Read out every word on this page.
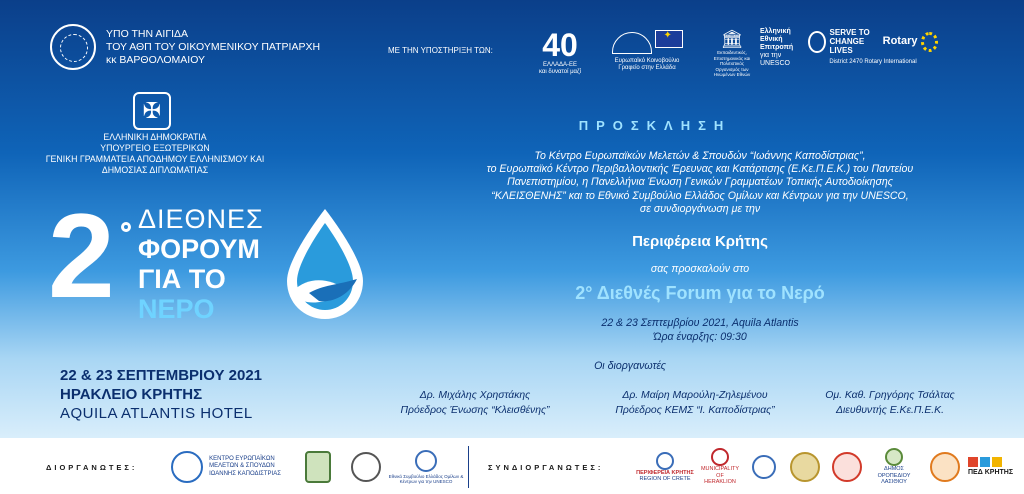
ΥΠΟ ΤΗΝ ΑΙΓΙΔΑ
ΤΟΥ ΑΘΠ ΤΟΥ ΟΙΚΟΥΜΕΝΙΚΟΥ ΠΑΤΡΙΑΡΧΗ
κκ ΒΑΡΘΟΛΟΜΑΙΟΥ
✠
ΕΛΛΗΝΙΚΗ ΔΗΜΟΚΡΑΤΙΑ
ΥΠΟΥΡΓΕΙΟ ΕΞΩΤΕΡΙΚΩΝ
ΓΕΝΙΚΗ ΓΡΑΜΜΑΤΕΙΑ ΑΠΟΔΗΜΟΥ ΕΛΛΗΝΙΣΜΟΥ ΚΑΙ
ΔΗΜΟΣΙΑΣ ΔΙΠΛΩΜΑΤΙΑΣ
2 ΔΙΕΘΝΕΣ
ΦΟΡΟΥΜ
ΓΙΑ ΤΟ
ΝΕΡΟ
22 & 23 ΣΕΠΤΕΜΒΡΙΟΥ 2021
ΗΡΑΚΛΕΙΟ ΚΡΗΤΗΣ
AQUILA ATLANTIS HOTEL
ΜΕ ΤΗΝ ΥΠΟΣΤΗΡΙΞΗ ΤΩΝ: 40
ΕΛΛΑΔΑ-ΕΕ
και δυνατοί μαζί
✦
Ευρωπαϊκό Κοινοβούλιο
Γραφείο στην Ελλάδα
🏛
Εκπαιδευτικός, Επιστημονικός και Πολιτιστικός Οργανισμός των Ηνωμένων Εθνών
Ελληνική Εθνική Επιτροπή
για την UNESCO
SERVE TO
CHANGE LIVES
Rotary
District 2470 Rotary International
ΠΡΟΣΚΛΗΣΗ
Το Κέντρο Ευρωπαϊκών Μελετών & Σπουδών “Ιωάννης Καποδίστριας”,
το Ευρωπαϊκό Κέντρο Περιβαλλοντικής Έρευνας και Κατάρτισης (Ε.Κε.Π.Ε.Κ.) του Παντείου
Πανεπιστημίου, η Πανελλήνια Ένωση Γενικών Γραμματέων Τοπικής Αυτοδιοίκησης
“ΚΛΕΙΣΘΕΝΗΣ” και το Εθνικό Συμβούλιο Ελλάδος Ομίλων και Κέντρων για την UNESCO,
σε συνδιοργάνωση με την
Περιφέρεια Κρήτης
σας προσκαλούν στο
2° Διεθνές Forum για το Νερό
22 & 23 Σεπτεμβρίου 2021, Aquila Atlantis
Ώρα έναρξης: 09:30
Οι διοργανωτές
Δρ. Μιχάλης Χρηστάκης
Πρόεδρος Ένωσης “Κλεισθένης”
Δρ. Μαίρη Μαρούλη-Ζηλεμένου
Πρόεδρος ΚΕΜΣ “Ι. Καποδίστριας”
Ομ. Καθ. Γρηγόρης Τσάλτας
Διευθυντής Ε.Κε.Π.Ε.Κ.
ΔΙΟΡΓΑΝΩΤΕΣ:
ΚΕΝΤΡΟ ΕΥΡΩΠΑΪΚΩΝ
ΜΕΛΕΤΩΝ & ΣΠΟΥΔΩΝ
ΙΩΑΝΝΗΣ ΚΑΠΟΔΙΣΤΡΙΑΣ	Εθνικό Συμβούλιο Ελλάδος Ομίλων & Κέντρων για την UNESCO
ΣΥΝΔΙΟΡΓΑΝΩΤΕΣ:
ΠΕΡΙΦΕΡΕΙΑ ΚΡΗΤΗΣ
REGION OF CRETE
MUNICIPALITY OF
HERAKLION
ΔΗΜΟΣ
ΟΡΟΠΕΔΙΟΥ
ΛΑΣΙΘΙΟΥ
ΠΕΔ ΚΡΗΤΗΣ
